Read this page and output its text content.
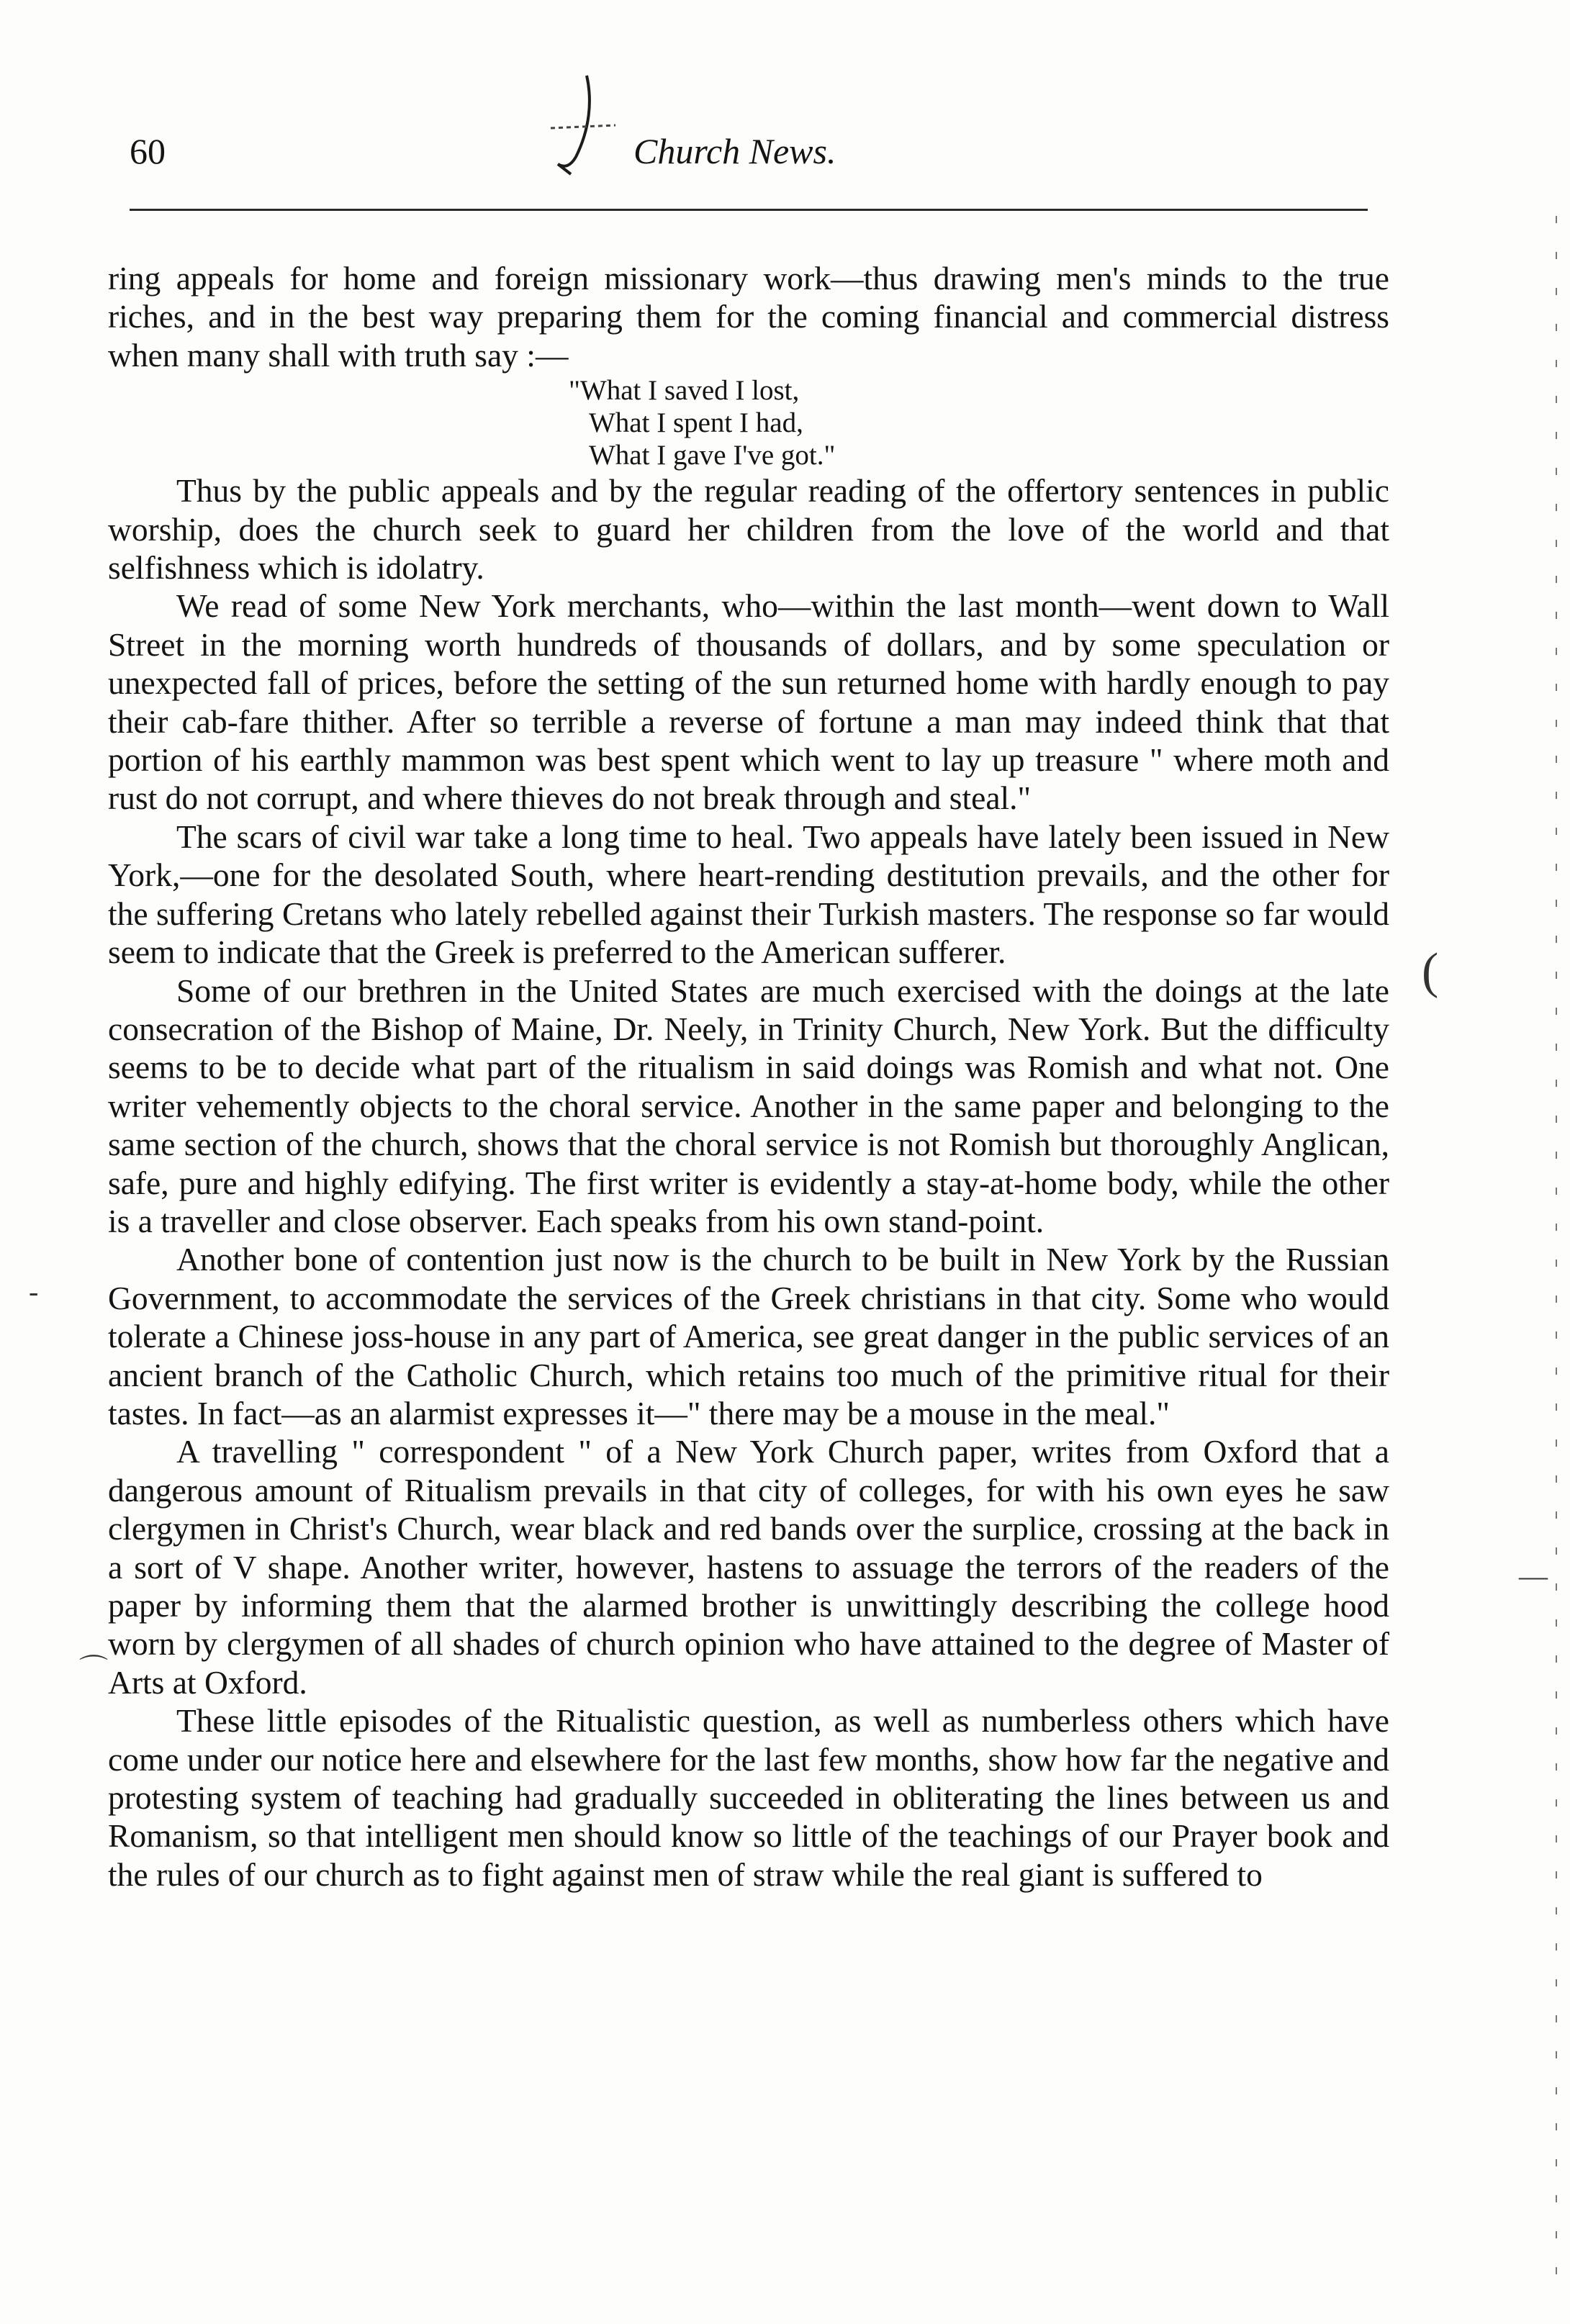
60	Church News.

ring appeals for home and foreign missionary work—thus drawing men's minds to the true riches, and in the best way preparing them for the coming financial and commercial distress when many shall with truth say :—

"What I saved I lost,
What I spent I had,
What I gave I've got."

Thus by the public appeals and by the regular reading of the offertory sentences in public worship, does the church seek to guard her children from the love of the world and that selfishness which is idolatry.

We read of some New York merchants, who—within the last month—went down to Wall Street in the morning worth hundreds of thousands of dollars, and by some speculation or unexpected fall of prices, before the setting of the sun returned home with hardly enough to pay their cab-fare thither. After so terrible a reverse of fortune a man may indeed think that that portion of his earthly mammon was best spent which went to lay up treasure " where moth and rust do not corrupt, and where thieves do not break through and steal."

The scars of civil war take a long time to heal. Two appeals have lately been issued in New York,—one for the desolated South, where heart-rending destitution prevails, and the other for the suffering Cretans who lately rebelled against their Turkish masters. The response so far would seem to indicate that the Greek is preferred to the American sufferer.

Some of our brethren in the United States are much exercised with the doings at the late consecration of the Bishop of Maine, Dr. Neely, in Trinity Church, New York. But the difficulty seems to be to decide what part of the ritualism in said doings was Romish and what not. One writer vehemently objects to the choral service. Another in the same paper and belonging to the same section of the church, shows that the choral service is not Romish but thoroughly Anglican, safe, pure and highly edifying. The first writer is evidently a stay-at-home body, while the other is a traveller and close observer. Each speaks from his own stand-point.

Another bone of contention just now is the church to be built in New York by the Russian Government, to accommodate the services of the Greek christians in that city. Some who would tolerate a Chinese joss-house in any part of America, see great danger in the public services of an ancient branch of the Catholic Church, which retains too much of the primitive ritual for their tastes. In fact—as an alarmist expresses it—" there may be a mouse in the meal."

A travelling " correspondent " of a New York Church paper, writes from Oxford that a dangerous amount of Ritualism prevails in that city of colleges, for with his own eyes he saw clergymen in Christ's Church, wear black and red bands over the surplice, crossing at the back in a sort of V shape. Another writer, however, hastens to assuage the terrors of the readers of the paper by informing them that the alarmed brother is unwittingly describing the college hood worn by clergymen of all shades of church opinion who have attained to the degree of Master of Arts at Oxford.

These little episodes of the Ritualistic question, as well as numberless others which have come under our notice here and elsewhere for the last few months, show how far the negative and protesting system of teaching had gradually succeeded in obliterating the lines between us and Romanism, so that intelligent men should know so little of the teachings of our Prayer book and the rules of our church as to fight against men of straw while the real giant is suffered to

(
—
-
⌒
